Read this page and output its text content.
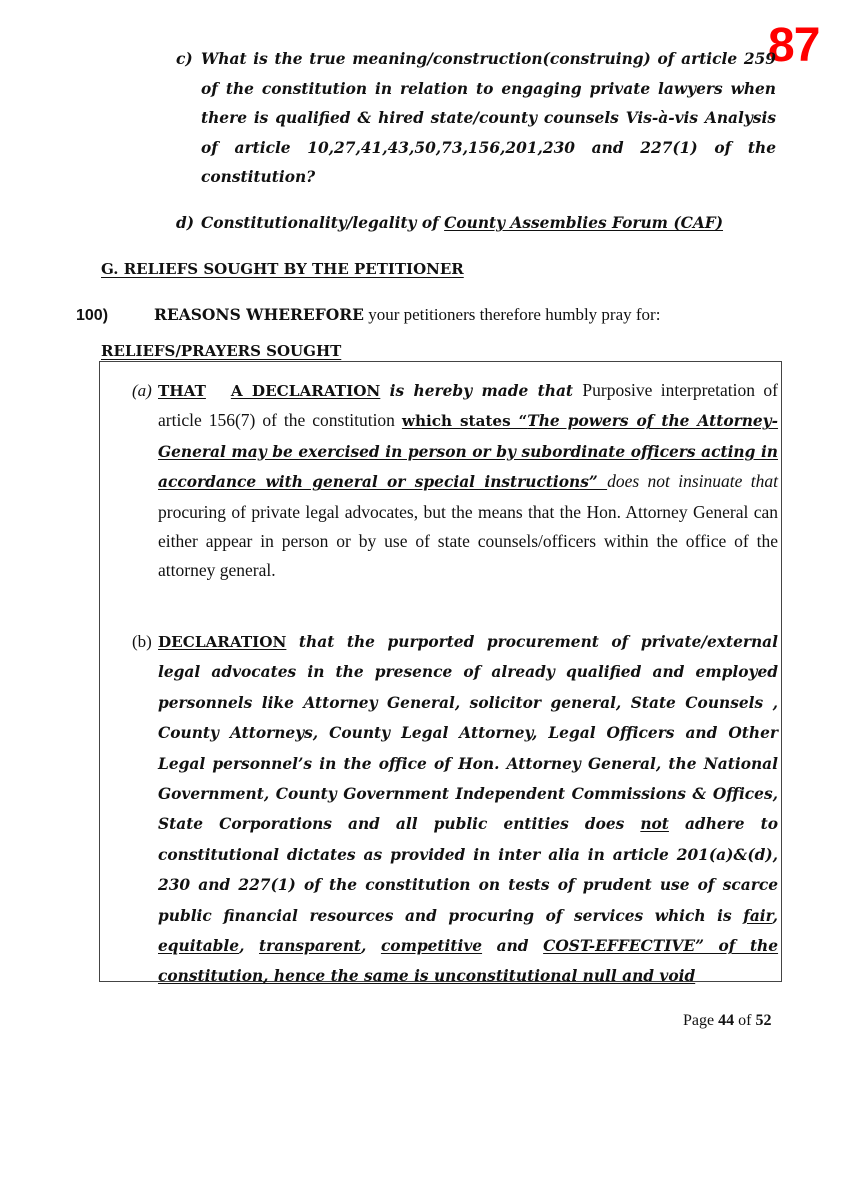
87
c) What is the true meaning/construction(construing) of article 259 of the constitution in relation to engaging private lawyers when there is qualified & hired state/county counsels Vis-à-vis Analysis of article 10,27,41,43,50,73,156,201,230 and 227(1) of the constitution?
d) Constitutionality/legality of County Assemblies Forum (CAF)
G. RELIEFS SOUGHT BY THE PETITIONER
100)	REASONS WHEREFORE your petitioners therefore humbly pray for:
RELIEFS/PRAYERS SOUGHT
(a) THAT A DECLARATION is hereby made that Purposive interpretation of article 156(7) of the constitution which states “The powers of the Attorney-General may be exercised in person or by subordinate officers acting in accordance with general or special instructions” does not insinuate that procuring of private legal advocates, but the means that the Hon. Attorney General can either appear in person or by use of state counsels/officers within the office of the attorney general.
(b) DECLARATION that the purported procurement of private/external legal advocates in the presence of already qualified and employed personnels like Attorney General, solicitor general, State Counsels , County Attorneys, County Legal Attorney, Legal Officers and Other Legal personnel’s in the office of Hon. Attorney General, the National Government, County Government Independent Commissions & Offices, State Corporations and all public entities does not adhere to constitutional dictates as provided in inter alia in article 201(a)&(d), 230 and 227(1) of the constitution on tests of prudent use of scarce public financial resources and procuring of services which is fair, equitable, transparent, competitive and COST-EFFECTIVE” of the constitution, hence the same is unconstitutional null and void
Page 44 of 52
